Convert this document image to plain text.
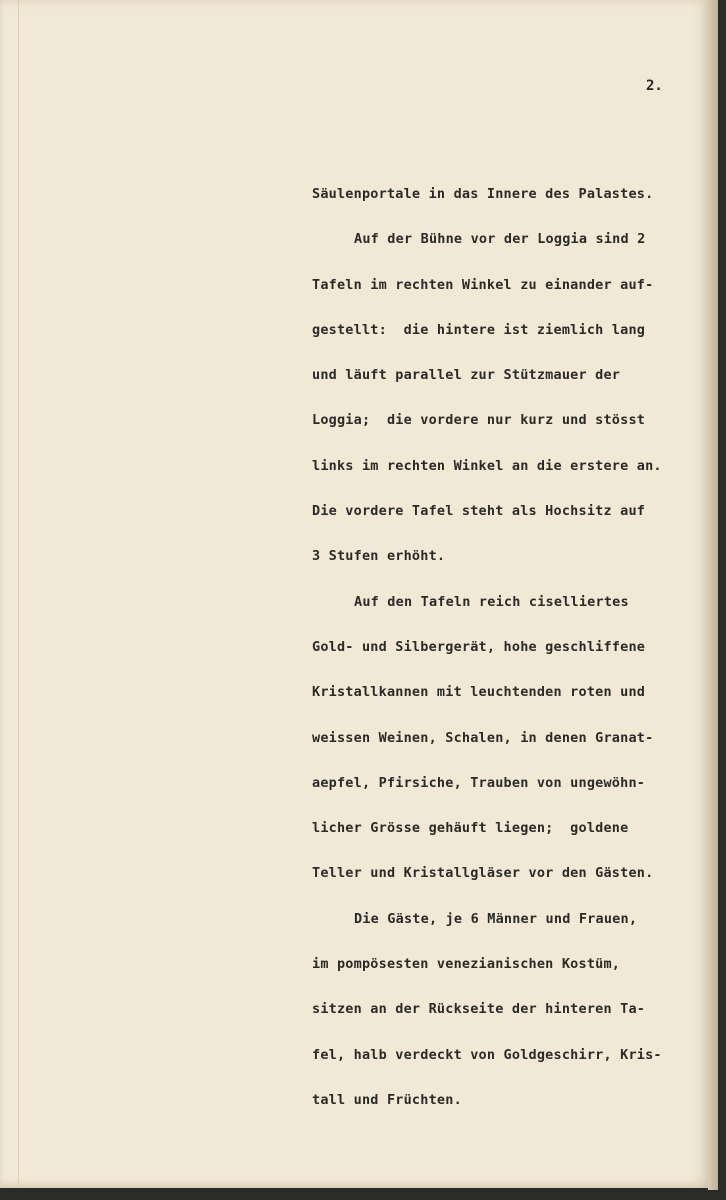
2.
Säulenportale in das Innere des Palastes.
Auf der Bühne vor der Loggia sind 2
Tafeln im rechten Winkel zu einander auf-
gestellt:  die hintere ist ziemlich lang
und läuft parallel zur Stützmauer der
Loggia;  die vordere nur kurz und stösst
links im rechten Winkel an die erstere an.
Die vordere Tafel steht als Hochsitz auf
3 Stufen erhöht.
Auf den Tafeln reich ciselliertes
Gold- und Silbergerät, hohe geschliffene
Kristallkannen mit leuchtenden roten und
weissen Weinen, Schalen, in denen Granat-
aepfel, Pfirsiche, Trauben von ungewöhn-
licher Grösse gehäuft liegen;  goldene
Teller und Kristallgläser vor den Gästen.
Die Gäste, je 6 Männer und Frauen,
im pompösesten venezianischen Kostüm,
sitzen an der Rückseite der hinteren Ta-
fel, halb verdeckt von Goldgeschirr, Kris-
tall und Früchten.
